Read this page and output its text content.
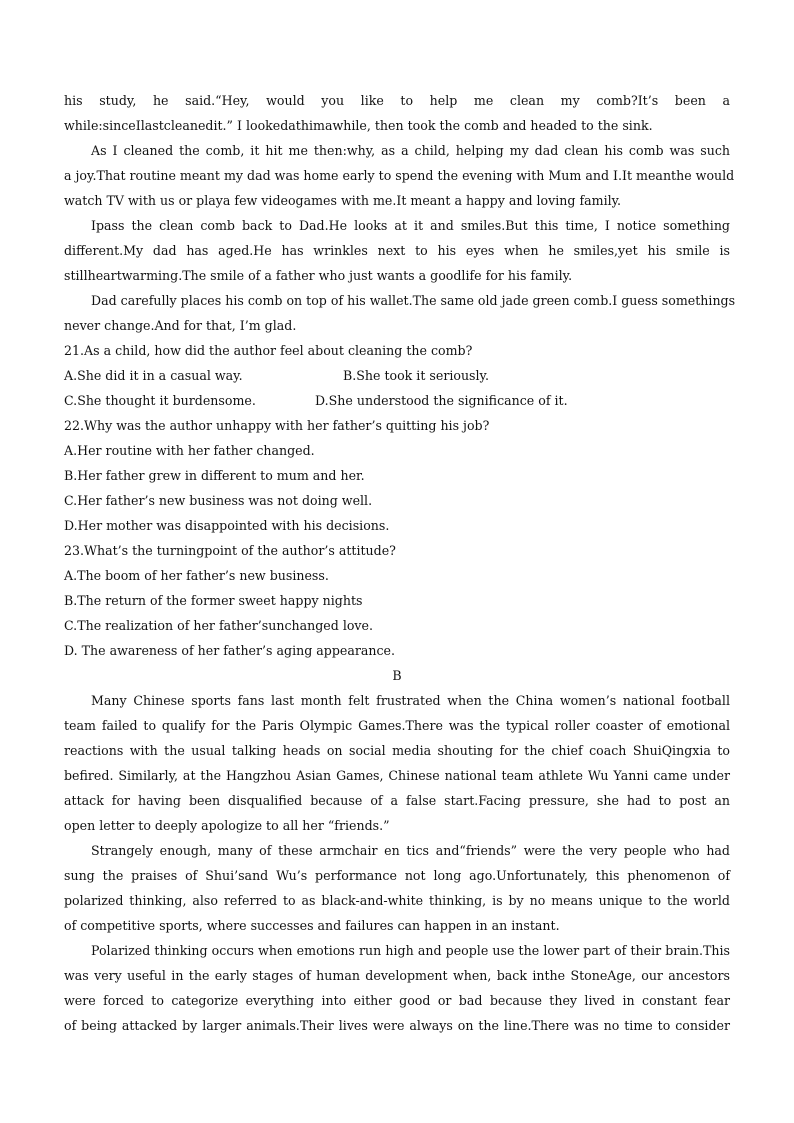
his study, he said.“Hey, would you like to help me clean my comb?It’s been a
while:sinceIlastcleanedit.” I lookedathimawhile, then took the comb and headed to the sink.
As I cleaned the comb, it hit me then:why, as a child, helping my dad clean his comb was such
a joy.That routine meant my dad was home early to spend the evening with Mum and I.It meanthe would
watch TV with us or playa few videogames with me.It meant a happy and loving family.
Ipass the clean comb back to Dad.He looks at it and smiles.But this time, I notice something
different.My dad has aged.He has wrinkles next to his eyes when he smiles,yet his smile is
stillheartwarming.The smile of a father who just wants a goodlife for his family.
Dad carefully places his comb on top of his wallet.The same old jade green comb.I guess somethings
never change.And for that, I’m glad.
21.As a child, how did the author feel about cleaning the comb?
A.She did it in a casual way.	B.She took it seriously.
C.She thought it burdensome.	D.She understood the significance of it.
22.Why was the author unhappy with her father’s quitting his job?
A.Her routine with her father changed.
B.Her father grew in different to mum and her.
C.Her father’s new business was not doing well.
D.Her mother was disappointed with his decisions.
23.What’s the turningpoint of the author’s attitude?
A.The boom of her father’s new business.
B.The return of the former sweet happy nights
C.The realization of her father’sunchanged love.
D. The awareness of her father’s aging appearance.
B
Many Chinese sports fans last month felt frustrated when the China women’s national football
team failed to qualify for the Paris Olympic Games.There was the typical roller coaster of emotional
reactions with the usual talking heads on social media shouting for the chief coach ShuiQingxia to
befired. Similarly, at the Hangzhou Asian Games, Chinese national team athlete Wu Yanni came under
attack for having been disqualified because of a false start.Facing pressure, she had to post an
open letter to deeply apologize to all her “friends.”
Strangely enough, many of these armchair en tics and“friends” were the very people who had
sung the praises of Shui’sand Wu’s performance not long ago.Unfortunately, this phenomenon of
polarized thinking, also referred to as black-and-white thinking, is by no means unique to the world
of competitive sports, where successes and failures can happen in an instant.
Polarized thinking occurs when emotions run high and people use the lower part of their brain.This
was very useful in the early stages of human development when, back inthe StoneAge, our ancestors
were forced to categorize everything into either good or bad because they lived in constant fear
of being attacked by larger animals.Their lives were always on the line.There was no time to consider
